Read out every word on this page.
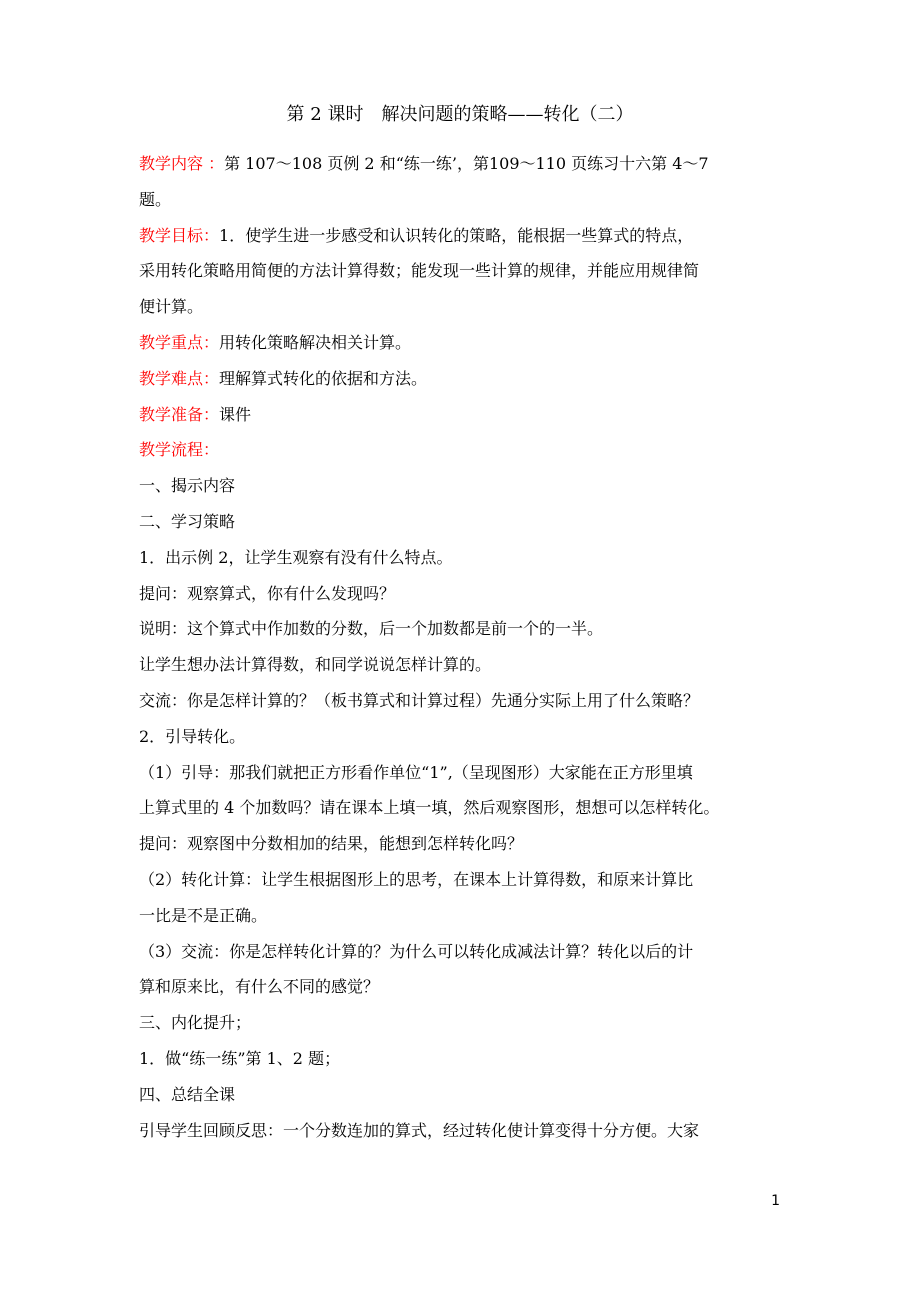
第 2 课时　解决问题的策略——转化（二）
教学内容 ：第 107～108 页例 2 和“练一练’，第109～110 页练习十六第 4～7
题。
教学目标：1．使学生进一步感受和认识转化的策略，能根据一些算式的特点，
采用转化策略用简便的方法计算得数；能发现一些计算的规律，并能应用规律简
便计算。
教学重点：用转化策略解决相关计算。
教学难点：理解算式转化的依据和方法。
教学准备：课件
教学流程：
一、揭示内容
二、学习策略
1．出示例 2，让学生观察有没有什么特点。
提问：观察算式，你有什么发现吗？
说明：这个算式中作加数的分数，后一个加数都是前一个的一半。
让学生想办法计算得数，和同学说说怎样计算的。
交流：你是怎样计算的？（板书算式和计算过程）先通分实际上用了什么策略？
2．引导转化。
（1）引导：那我们就把正方形看作单位“1”,（呈现图形）大家能在正方形里填
上算式里的 4 个加数吗？请在课本上填一填，然后观察图形，想想可以怎样转化。
提问：观察图中分数相加的结果，能想到怎样转化吗？
（2）转化计算：让学生根据图形上的思考，在课本上计算得数，和原来计算比
一比是不是正确。
（3）交流：你是怎样转化计算的？为什么可以转化成减法计算？转化以后的计
算和原来比，有什么不同的感觉？
三、内化提升；
1．做“练一练”第 1、2 题；
四、总结全课
引导学生回顾反思：一个分数连加的算式，经过转化使计算变得十分方便。大家
1
